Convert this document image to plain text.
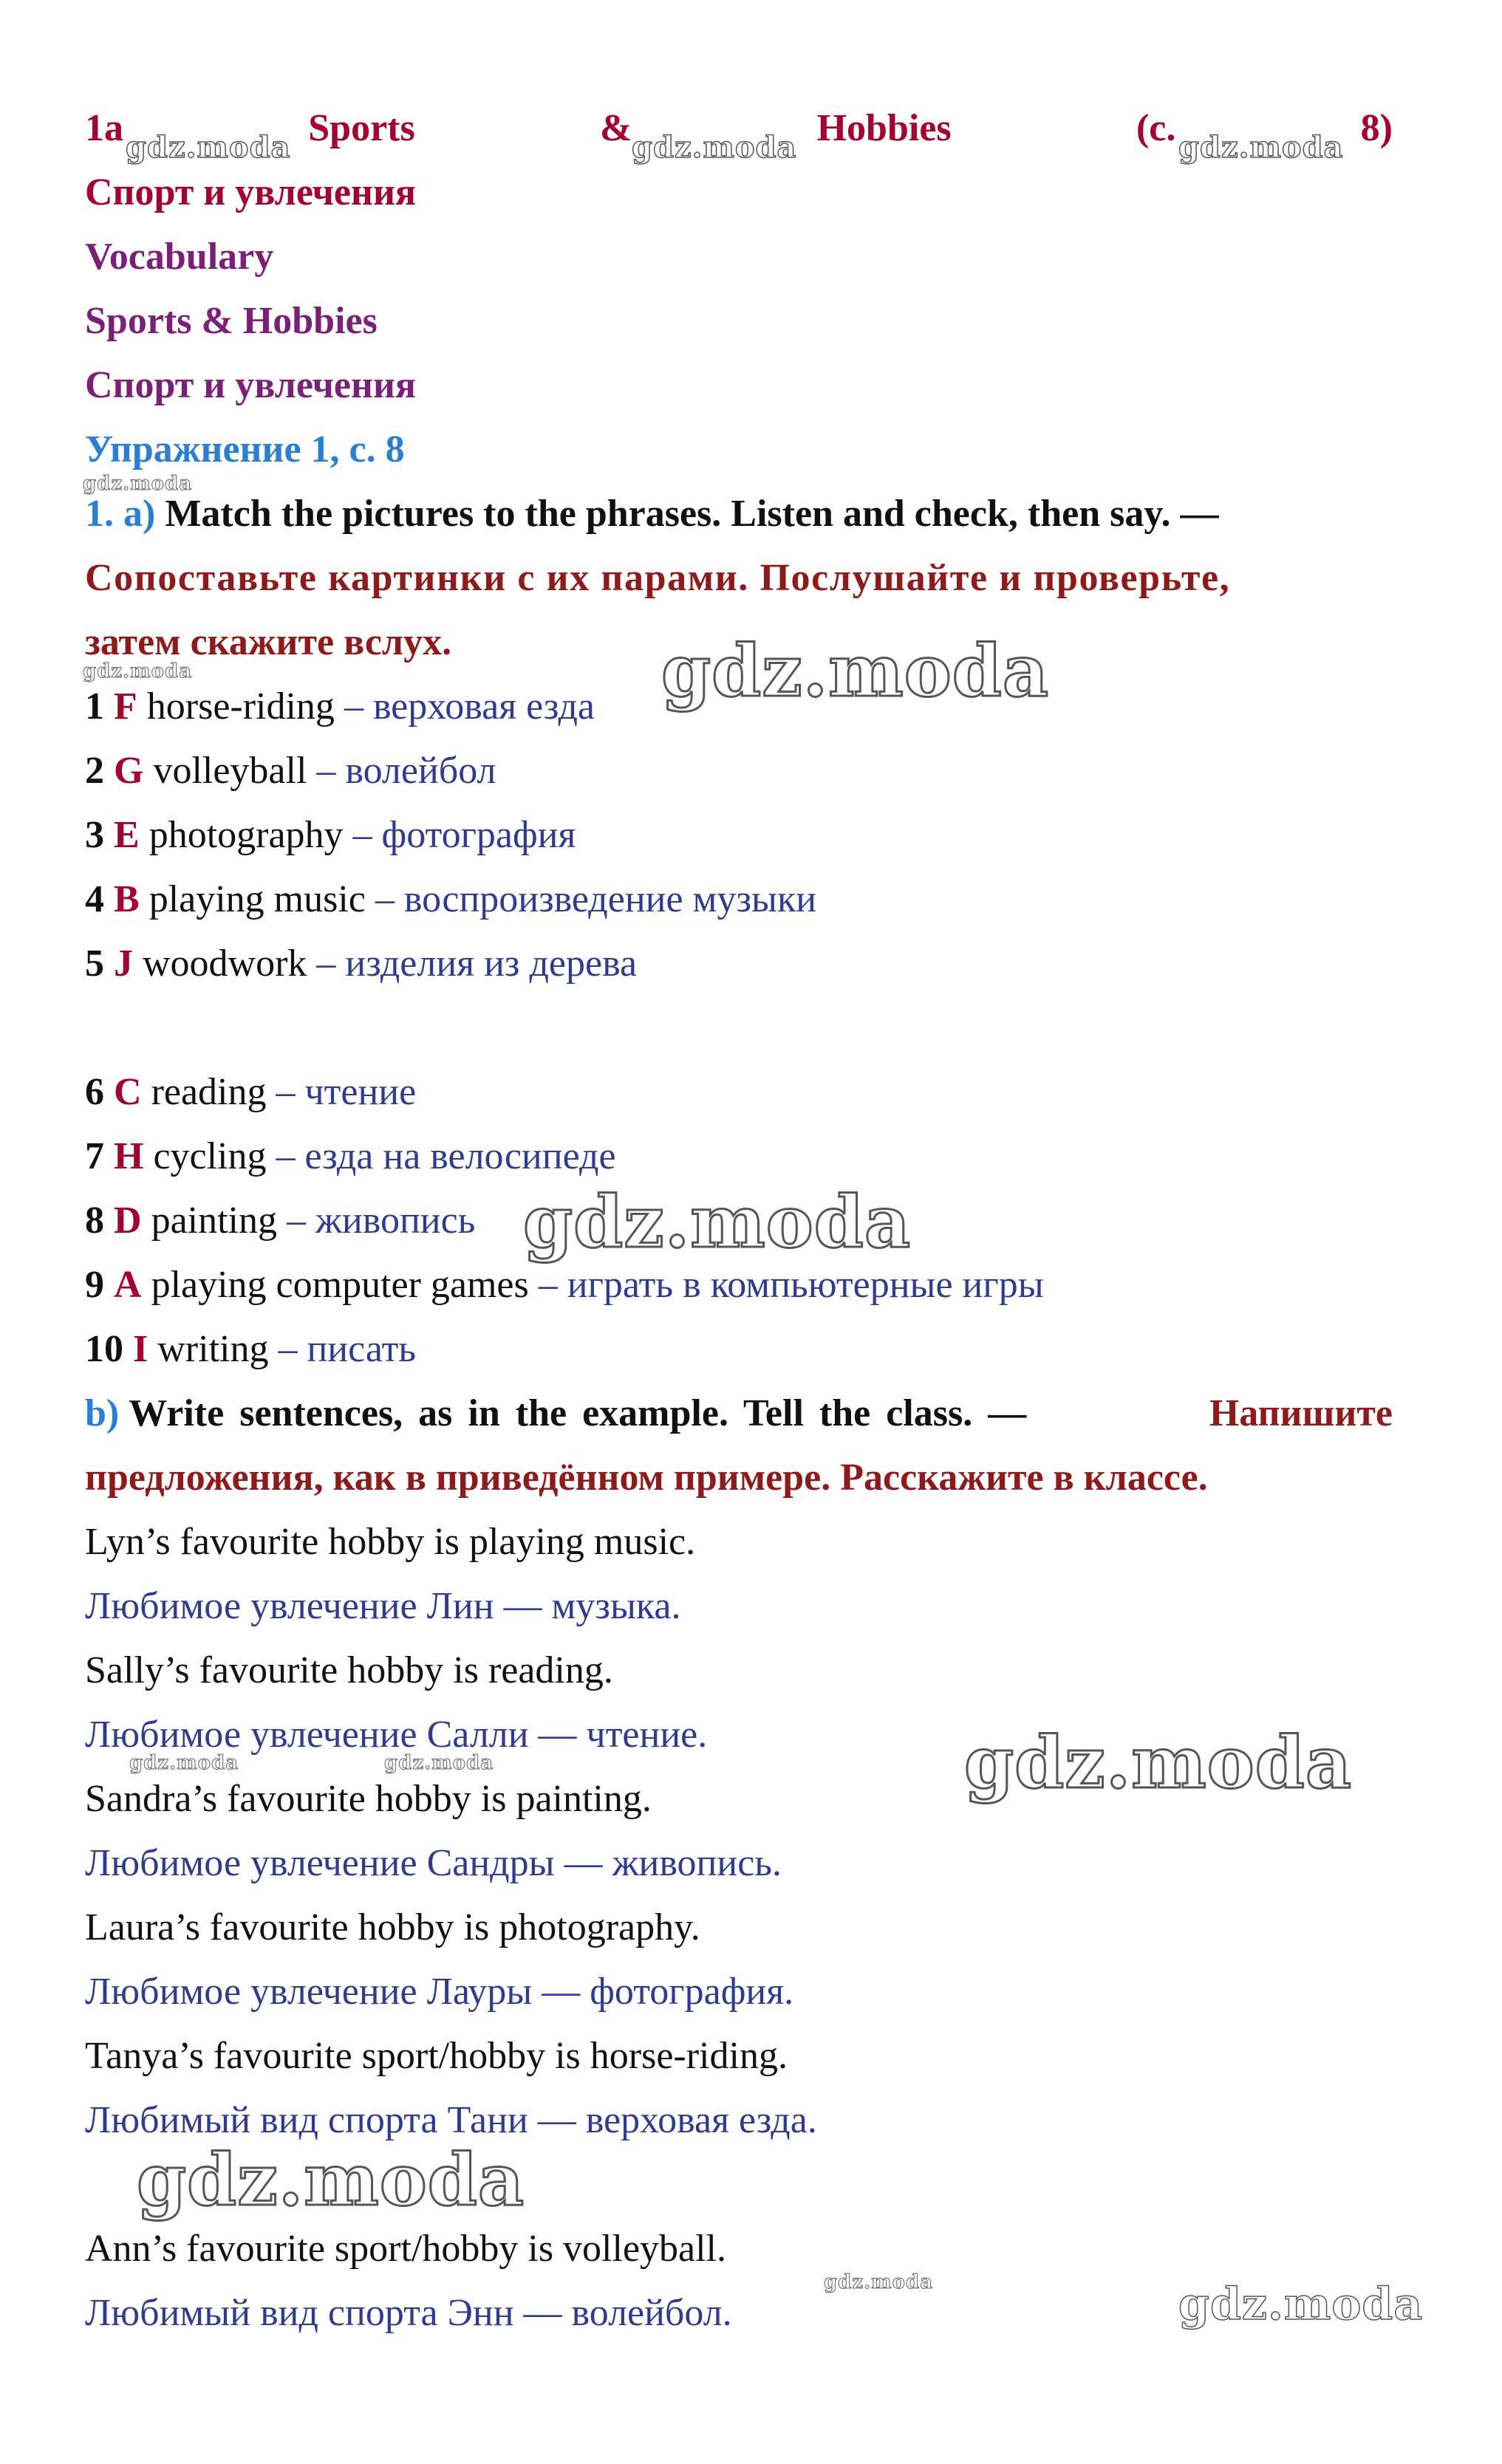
1a	Sports	&	Hobbies	(с.	8)
Спорт и увлечения
Vocabulary
Sports & Hobbies
Спорт и увлечения
Упражнение 1, с. 8
1. a) Match the pictures to the phrases. Listen and check, then say. —
Сопоставьте картинки с их парами. Послушайте и проверьте,
затем скажите вслух.
1 F horse-riding – верховая езда
2 G volleyball – волейбол
3 E photography – фотография
4 B playing music – воспроизведение музыки
5 J woodwork – изделия из дерева
6 C reading – чтение
7 H cycling – езда на велосипеде
8 D painting – живопись
9 A playing computer games – играть в компьютерные игры
10 I writing – писать
b) Write sentences, as in the example. Tell the class. —	Напишите
предложения, как в приведённом примере. Расскажите в классе.
Lyn’s favourite hobby is playing music.
Любимое увлечение Лин — музыка.
Sally’s favourite hobby is reading.
Любимое увлечение Салли — чтение.
Sandra’s favourite hobby is painting.
Любимое увлечение Сандры — живопись.
Laura’s favourite hobby is photography.
Любимое увлечение Лауры — фотография.
Tanya’s favourite sport/hobby is horse-riding.
Любимый вид спорта Тани — верховая езда.
Ann’s favourite sport/hobby is volleyball.
Любимый вид спорта Энн — волейбол.
gdz.moda	gdz.moda	gdz.moda
gdz.moda
gdz.moda	gdz.moda
gdz.moda
gdz.moda	gdz.moda	gdz.moda
gdz.moda
gdz.moda	gdz.moda
